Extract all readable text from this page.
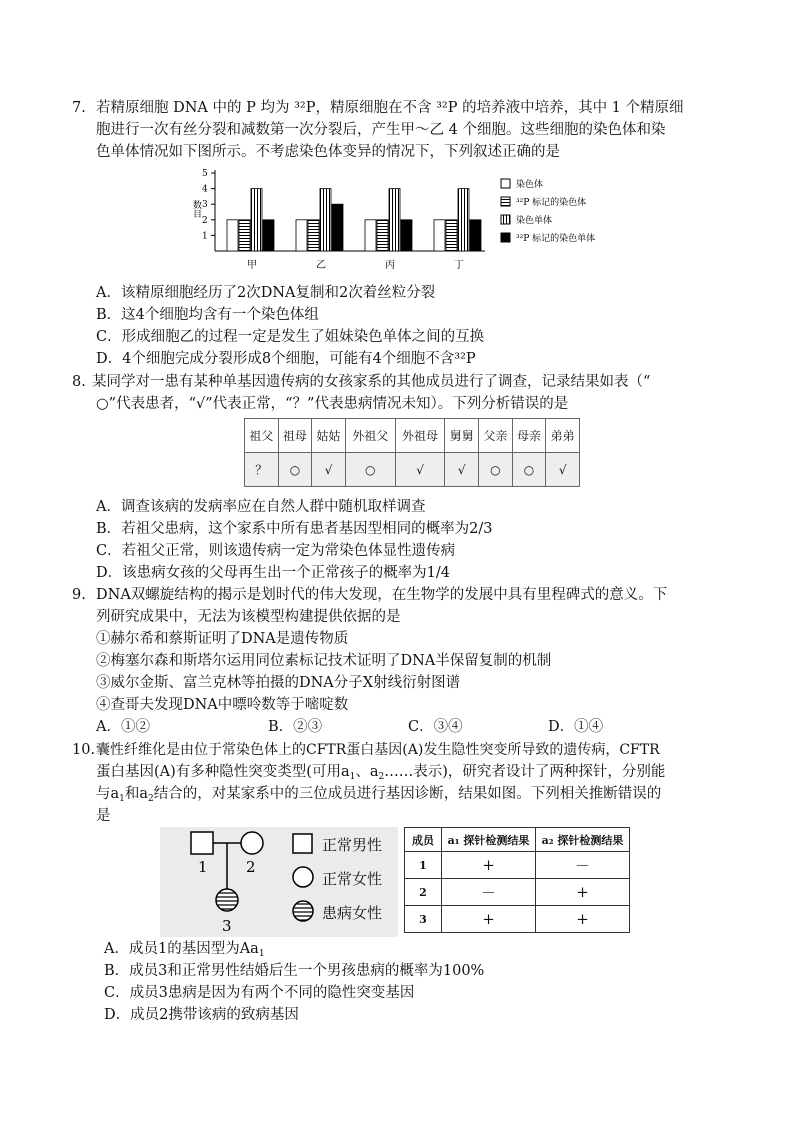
7. 若精原细胞 DNA 中的 P 均为 ³²P，精原细胞在不含 ³²P 的培养液中培养，其中 1 个精原细
胞进行一次有丝分裂和减数第一次分裂后，产生甲～乙 4 个细胞。这些细胞的染色体和染
色单体情况如下图所示。不考虑染色体变异的情况下，下列叙述正确的是
1
2
3
4
5
数目
甲	乙	丙	丁
染色体
³²P 标记的染色体
染色单体
³²P 标记的染色单体
A．该精原细胞经历了2次DNA复制和2次着丝粒分裂
B．这4个细胞均含有一个染色体组
C．形成细胞乙的过程一定是发生了姐妹染色单体之间的互换
D．4个细胞完成分裂形成8个细胞，可能有4个细胞不含³²P
8. 某同学对一患有某种单基因遗传病的女孩家系的其他成员进行了调查，记录结果如表（“
○”代表患者，“√”代表正常，“？”代表患病情况未知）。下列分析错误的是
祖父	祖母	姑姑	外祖父	外祖母	舅舅	父亲	母亲	弟弟
？	○	√	○	√	√	○	○	√
A．调查该病的发病率应在自然人群中随机取样调查
B．若祖父患病，这个家系中所有患者基因型相同的概率为2/3
C．若祖父正常，则该遗传病一定为常染色体显性遗传病
D．该患病女孩的父母再生出一个正常孩子的概率为1/4
9. DNA双螺旋结构的揭示是划时代的伟大发现，在生物学的发展中具有里程碑式的意义。下
列研究成果中，无法为该模型构建提供依据的是
①赫尔希和蔡斯证明了DNA是遗传物质
②梅塞尔森和斯塔尔运用同位素标记技术证明了DNA半保留复制的机制
③威尔金斯、富兰克林等拍摄的DNA分子X射线衍射图谱
④查哥夫发现DNA中嘌呤数等于嘧啶数
A．①②	B．②③	C．③④	D．①④
10. 囊性纤维化是由位于常染色体上的CFTR蛋白基因(A)发生隐性突变所导致的遗传病，CFTR
蛋白基因(A)有多种隐性突变类型(可用$a_1$、$a_2\dots\dots$表示)，研究者设计了两种探针，分别能
与$a_1$和$a_2$结合的，对某家系中的三位成员进行基因诊断，结果如图。下列相关推断错误的
是
1	2
3
正常男性
正常女性
患病女性
成员	a₁ 探针检测结果	a₂ 探针检测结果
1	+	－
2	－	+
3	+	+
A．成员1的基因型为$Aa_1$
B．成员3和正常男性结婚后生一个男孩患病的概率为100%
C．成员3患病是因为有两个不同的隐性突变基因
D．成员2携带该病的致病基因
